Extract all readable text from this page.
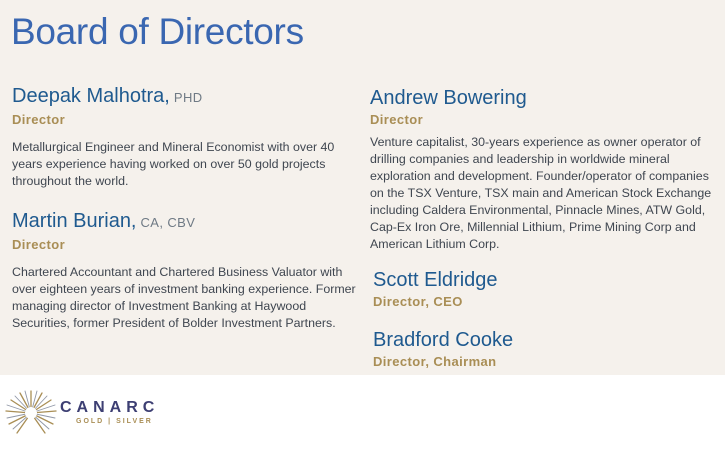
Board of Directors
Deepak Malhotra, PHD
Director
Metallurgical Engineer and Mineral Economist with over 40 years experience having worked on over 50 gold projects throughout the world.
Martin Burian, CA, CBV
Director
Chartered Accountant and Chartered Business Valuator with over eighteen years of investment banking experience. Former managing director of Investment Banking at Haywood Securities, former President of Bolder Investment Partners.
Andrew Bowering
Director
Venture capitalist, 30-years experience as owner operator of drilling companies and leadership in worldwide mineral exploration and development. Founder/operator of companies on the TSX Venture, TSX main and American Stock Exchange including Caldera Environmental, Pinnacle Mines, ATW Gold, Cap-Ex Iron Ore, Millennial Lithium, Prime Mining Corp and American Lithium Corp.
Scott Eldridge
Director, CEO
Bradford Cooke
Director, Chairman
CANARC
GOLD | SILVER
